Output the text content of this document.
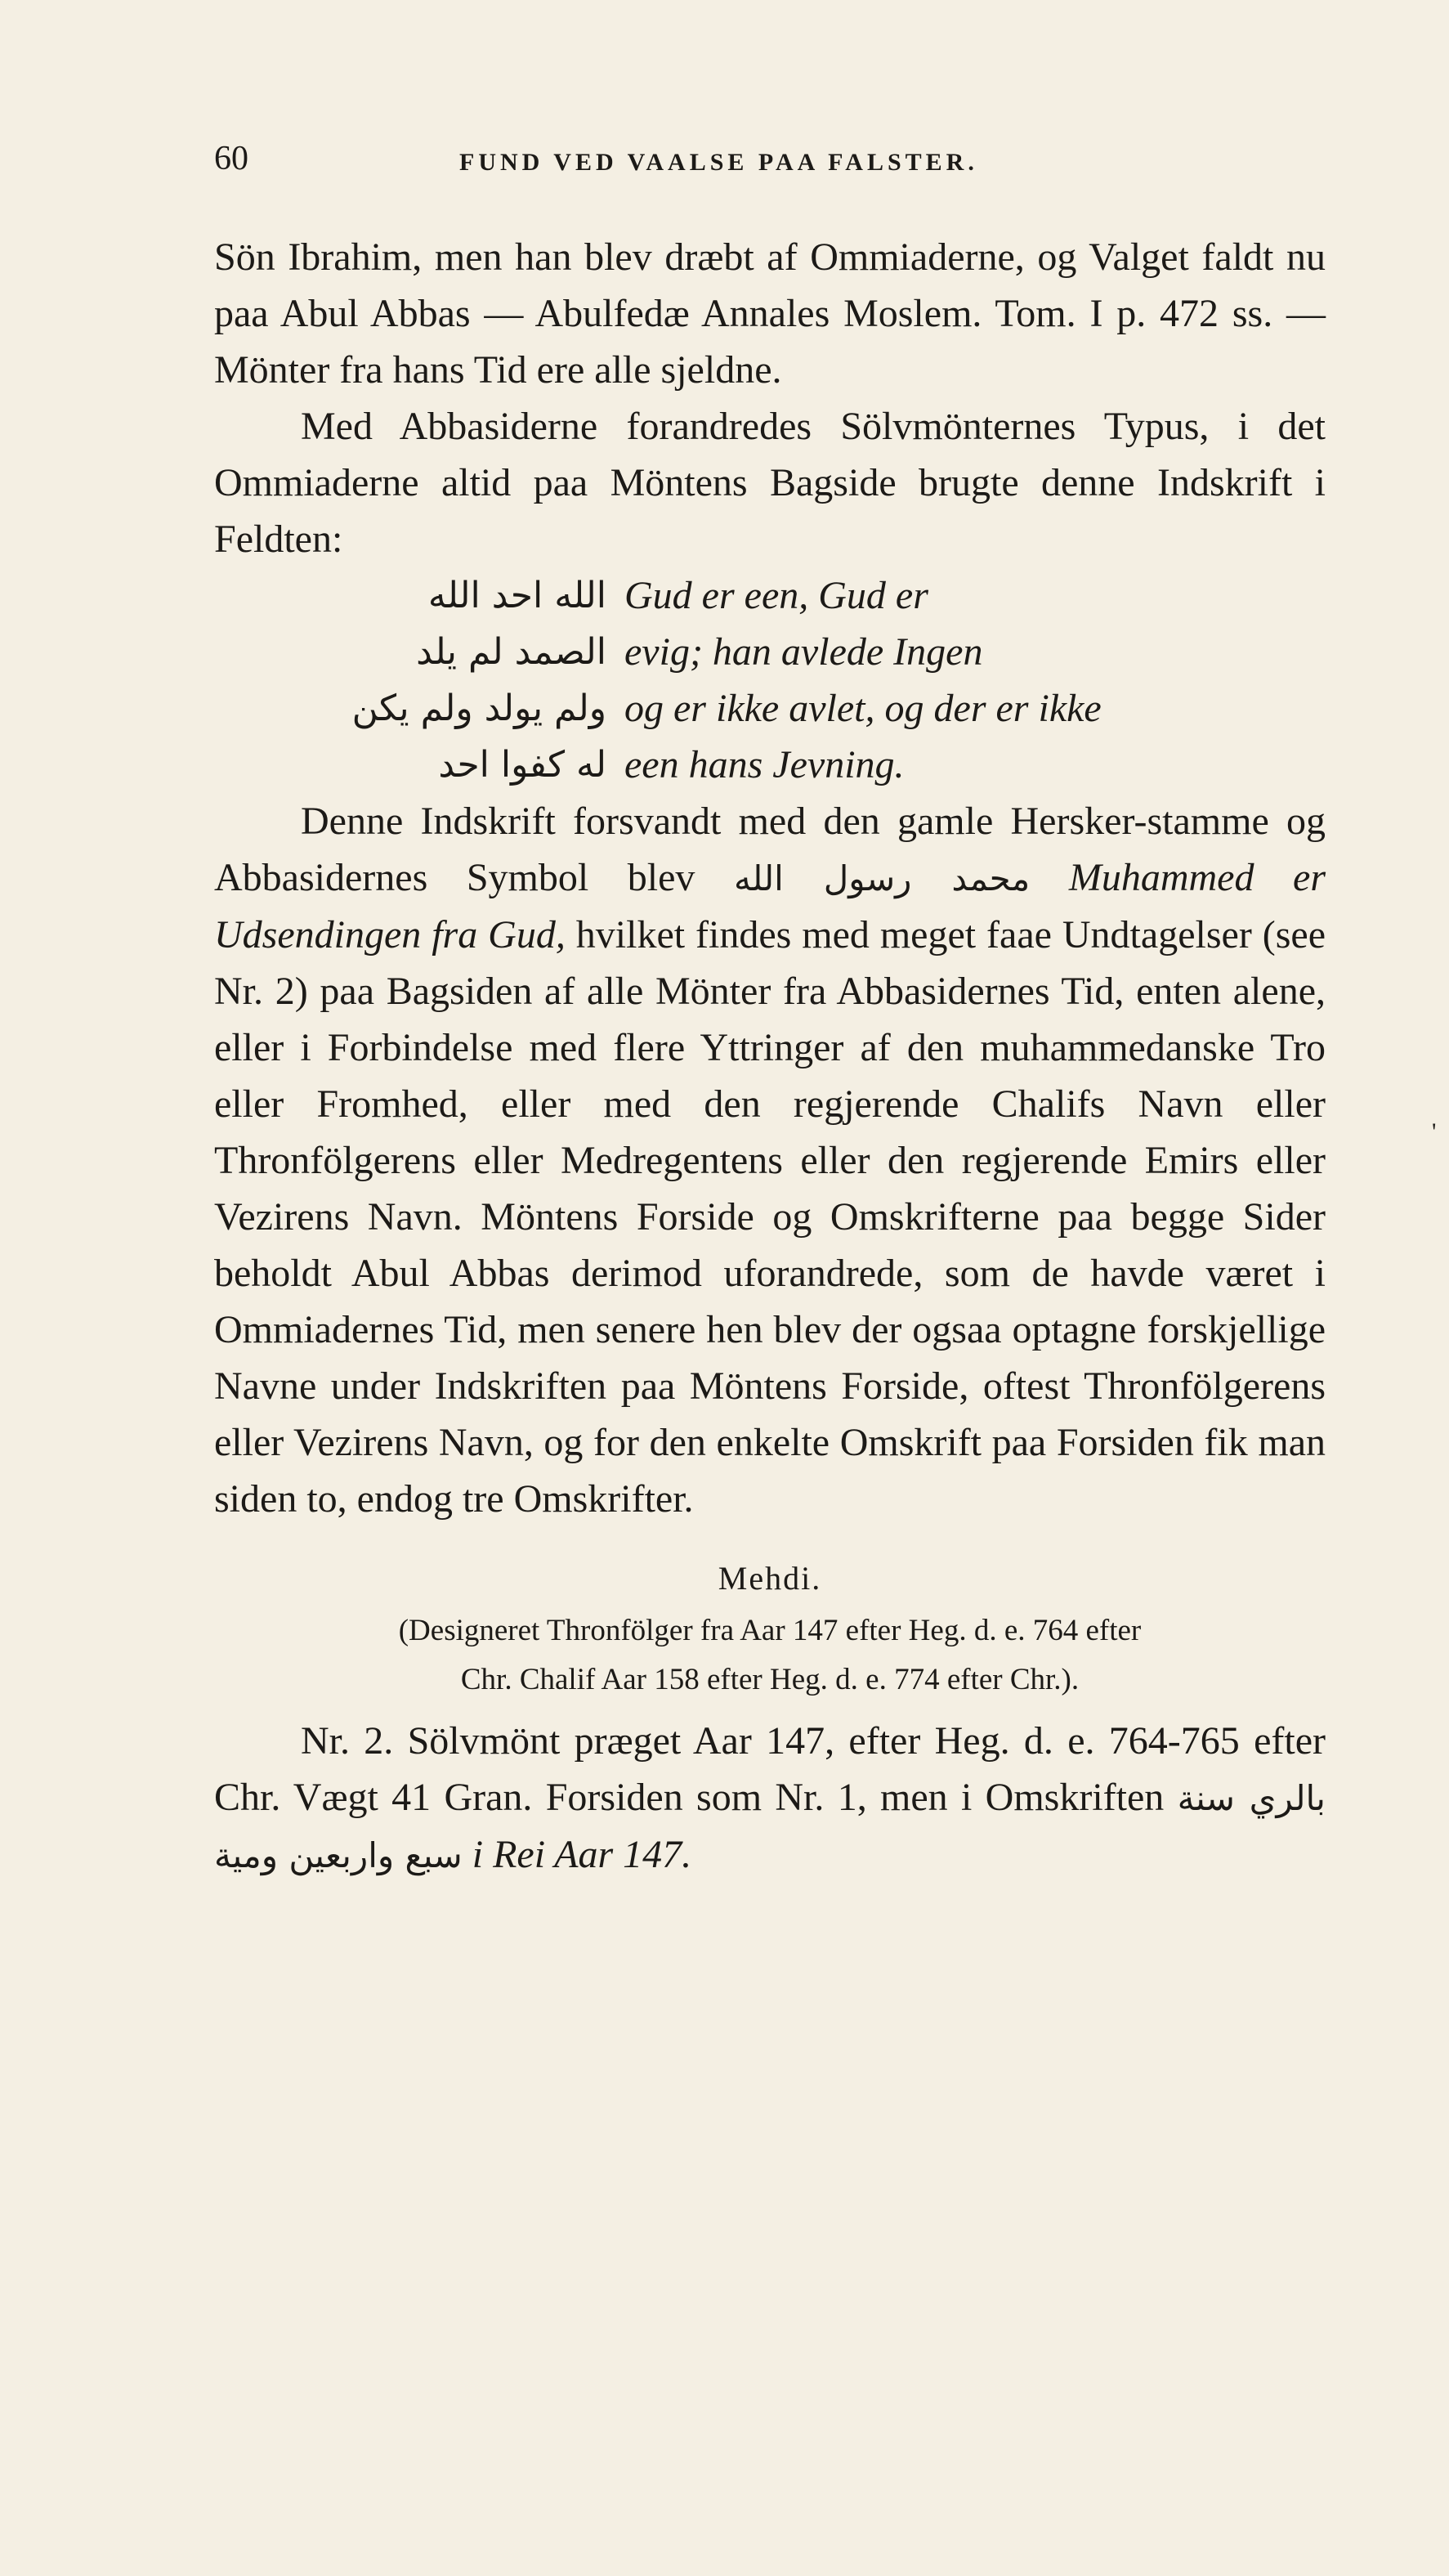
60	FUND VED VAALSE PAA FALSTER.

Sön Ibrahim, men han blev dræbt af Ommiaderne, og Valget faldt nu paa Abul Abbas — Abulfedæ Annales Moslem. Tom. I p. 472 ss. — Mönter fra hans Tid ere alle sjeldne.

Med Abbasiderne forandredes Sölvmönternes Typus, i det Ommiaderne altid paa Möntens Bagside brugte denne Indskrift i Feldten:

الله احد الله Gud er een, Gud er
الصمد لم يلد evig; han avlede Ingen
ولم يولد ولم يكن og er ikke avlet, og der er ikke
له كفوا احد een hans Jevning.

Denne Indskrift forsvandt med den gamle Hersker-stamme og Abbasidernes Symbol blev محمد رسول الله Muhammed er Udsendingen fra Gud, hvilket findes med meget faae Undtagelser (see Nr. 2) paa Bagsiden af alle Mönter fra Abbasidernes Tid, enten alene, eller i Forbindelse med flere Yttringer af den muhammedanske Tro eller Fromhed, eller med den regjerende Chalifs Navn eller Thronfölgerens eller Medregentens eller den regjerende Emirs eller Vezirens Navn. Möntens Forside og Omskrifterne paa begge Sider beholdt Abul Abbas derimod uforandrede, som de havde været i Ommiadernes Tid, men senere hen blev der ogsaa optagne forskjellige Navne under Indskriften paa Möntens Forside, oftest Thronfölgerens eller Vezirens Navn, og for den enkelte Omskrift paa Forsiden fik man siden to, endog tre Omskrifter.

Mehdi.

(Designeret Thronfölger fra Aar 147 efter Heg. d. e. 764 efter

Chr. Chalif Aar 158 efter Heg. d. e. 774 efter Chr.).

Nr. 2. Sölvmönt præget Aar 147, efter Heg. d. e. 764-765 efter Chr. Vægt 41 Gran. Forsiden som Nr. 1, men i Omskriften بالري سنة سبع واربعين ومية i Rei Aar 147.

'
